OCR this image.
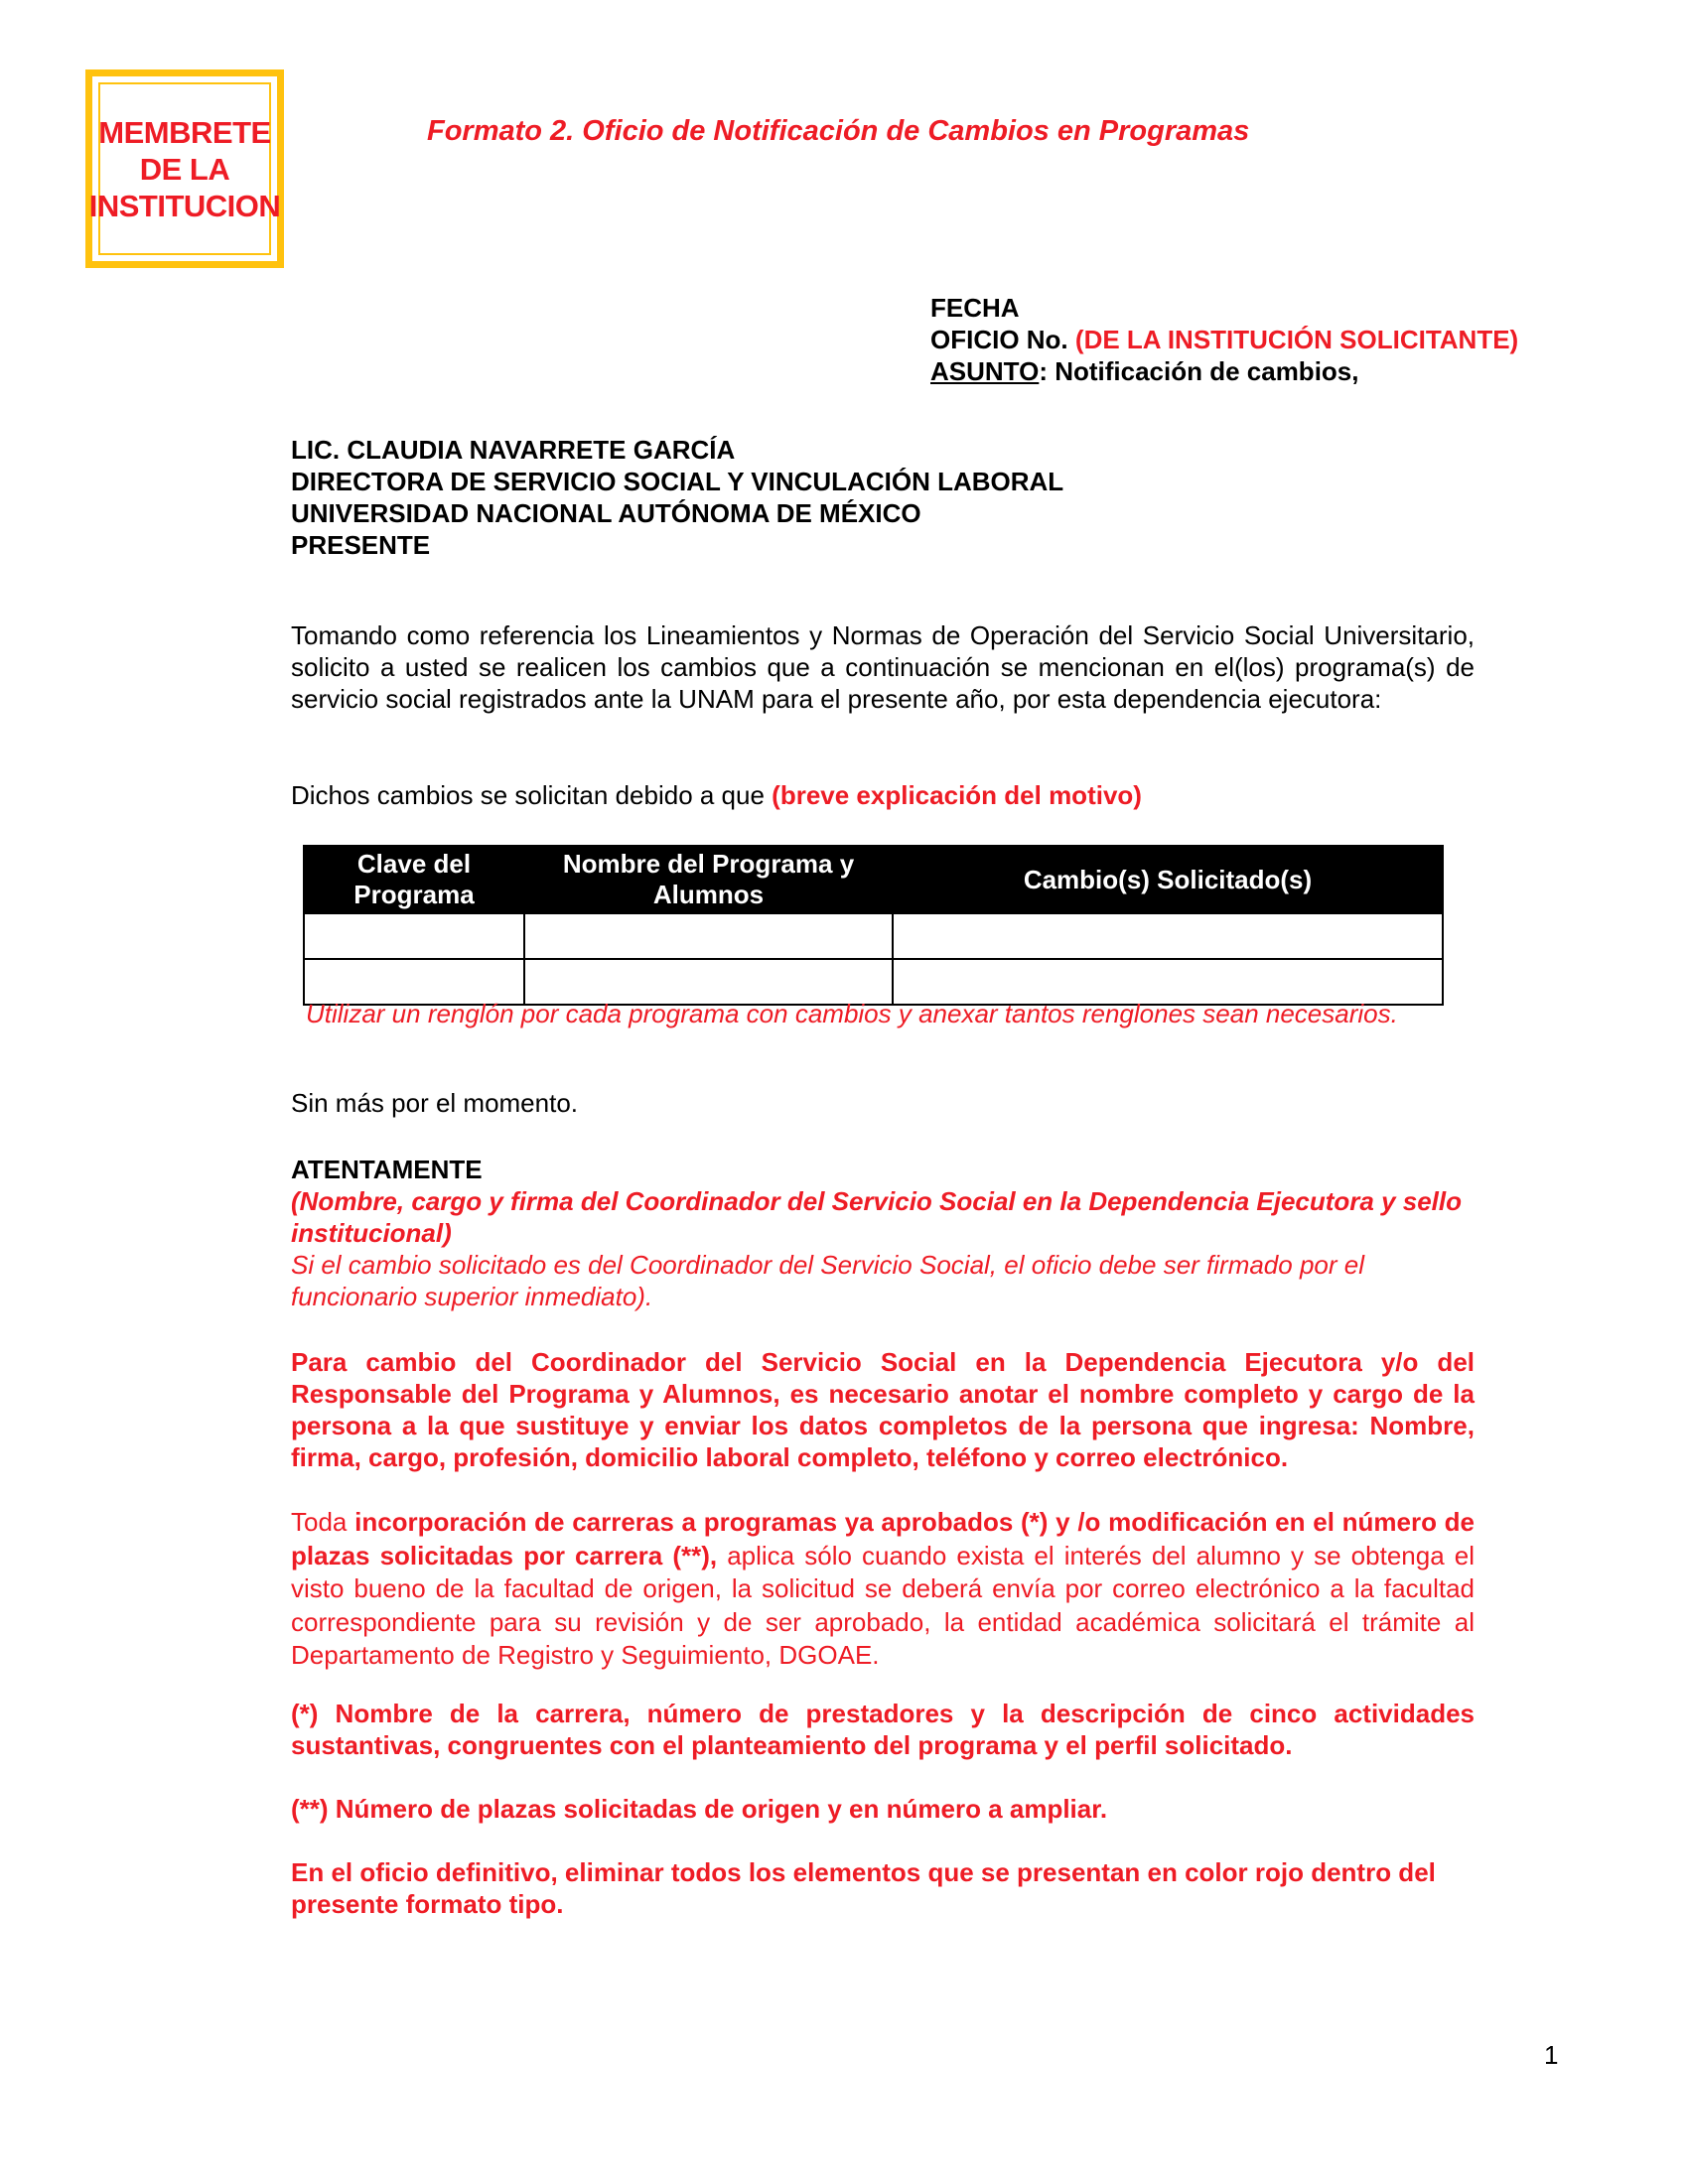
MEMBRETE
DE LA
INSTITUCION
Formato 2. Oficio de Notificación de Cambios en Programas
FECHA
OFICIO No. (DE LA INSTITUCIÓN SOLICITANTE)
ASUNTO: Notificación de cambios,
LIC. CLAUDIA NAVARRETE GARCÍA
DIRECTORA DE SERVICIO SOCIAL Y VINCULACIÓN LABORAL
UNIVERSIDAD NACIONAL AUTÓNOMA DE MÉXICO
PRESENTE
Tomando como referencia los Lineamientos y Normas de Operación del Servicio Social Universitario, solicito a usted se realicen los cambios que a continuación se mencionan en el(los) programa(s) de servicio social registrados ante la UNAM para el presente año, por esta dependencia ejecutora:
Dichos cambios se solicitan debido a que (breve explicación del motivo)
Clave del Programa	Nombre del Programa y Alumnos	Cambio(s) Solicitado(s)

Utilizar un renglón por cada programa con cambios y anexar tantos renglones sean necesarios.
Sin más por el momento.
ATENTAMENTE
(Nombre, cargo y firma del Coordinador del Servicio Social en la Dependencia Ejecutora y sello institucional)
Si el cambio solicitado es del Coordinador del Servicio Social, el oficio debe ser firmado por el funcionario superior inmediato).
Para cambio del Coordinador del Servicio Social en la Dependencia Ejecutora y/o del Responsable del Programa y Alumnos, es necesario anotar el nombre completo y cargo de la persona a la que sustituye y enviar los datos completos de la persona que ingresa: Nombre, firma, cargo, profesión, domicilio laboral completo, teléfono y correo electrónico.
Toda incorporación de carreras a programas ya aprobados (*) y /o modificación en el número de plazas solicitadas por carrera (**), aplica sólo cuando exista el interés del alumno y se obtenga el visto bueno de la facultad de origen, la solicitud se deberá envía por correo electrónico a la facultad correspondiente para su revisión y de ser aprobado, la entidad académica solicitará el trámite al Departamento de Registro y Seguimiento, DGOAE.
(*) Nombre de la carrera, número de prestadores y la descripción de cinco actividades sustantivas, congruentes con el planteamiento del programa y el perfil solicitado.
(**) Número de plazas solicitadas de origen y en número a ampliar.
En el oficio definitivo, eliminar todos los elementos que se presentan en color rojo dentro del presente formato tipo.
1
